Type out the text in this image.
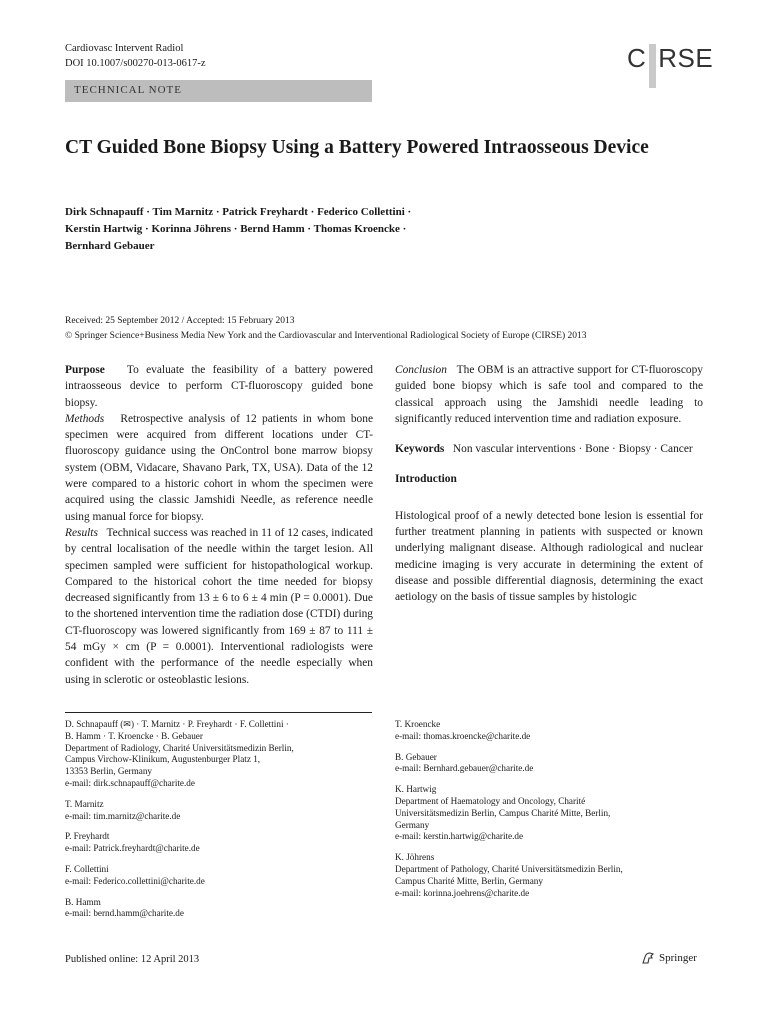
Cardiovasc Intervent Radiol
DOI 10.1007/s00270-013-0617-z	C RSE
TECHNICAL NOTE
CT Guided Bone Biopsy Using a Battery Powered Intraosseous Device
Dirk Schnapauff · Tim Marnitz · Patrick Freyhardt · Federico Collettini ·
Kerstin Hartwig · Korinna Jöhrens · Bernd Hamm · Thomas Kroencke ·
Bernhard Gebauer
Received: 25 September 2012 / Accepted: 15 February 2013
© Springer Science+Business Media New York and the Cardiovascular and Interventional Radiological Society of Europe (CIRSE) 2013

Purpose To evaluate the feasibility of a battery powered intraosseous device to perform CT-fluoroscopy guided bone biopsy.

Methods Retrospective analysis of 12 patients in whom bone specimen were acquired from different locations under CT-fluoroscopy guidance using the OnControl bone marrow biopsy system (OBM, Vidacare, Shavano Park, TX, USA). Data of the 12 were compared to a historic cohort in whom the specimen were acquired using the classic Jamshidi Needle, as reference needle using manual force for biopsy.

Results Technical success was reached in 11 of 12 cases, indicated by central localisation of the needle within the target lesion. All specimen sampled were sufficient for histopathological workup. Compared to the historical cohort the time needed for biopsy decreased significantly from 13 ± 6 to 6 ± 4 min (P = 0.0001). Due to the shortened intervention time the radiation dose (CTDI) during CT-fluoroscopy was lowered significantly from 169 ± 87 to 111 ± 54 mGy × cm (P = 0.0001). Interventional radiologists were confident with the performance of the needle especially when using in sclerotic or osteoblastic lesions.

Conclusion The OBM is an attractive support for CT-fluoroscopy guided bone biopsy which is safe tool and compared to the classical approach using the Jamshidi needle leading to significantly reduced intervention time and radiation exposure.

Keywords Non vascular interventions · Bone · Biopsy · Cancer

Introduction

Histological proof of a newly detected bone lesion is essential for further treatment planning in patients with suspected or known underlying malignant disease. Although radiological and nuclear medicine imaging is very accurate in determining the extent of disease and possible differential diagnosis, determining the exact aetiology on the basis of tissue samples by histologic

D. Schnapauff (✉) · T. Marnitz · P. Freyhardt · F. Collettini ·

B. Hamm · T. Kroencke · B. Gebauer

Department of Radiology, Charité Universitätsmedizin Berlin,

Campus Virchow-Klinikum, Augustenburger Platz 1,

13353 Berlin, Germany

e-mail: dirk.schnapauff@charite.de

T. Marnitz

e-mail: tim.marnitz@charite.de

P. Freyhardt

e-mail: Patrick.freyhardt@charite.de

F. Collettini

e-mail: Federico.collettini@charite.de

B. Hamm

e-mail: bernd.hamm@charite.de

T. Kroencke

e-mail: thomas.kroencke@charite.de

B. Gebauer

e-mail: Bernhard.gebauer@charite.de

K. Hartwig

Department of Haematology and Oncology, Charité

Universitätsmedizin Berlin, Campus Charité Mitte, Berlin,

Germany

e-mail: kerstin.hartwig@charite.de

K. Jöhrens

Department of Pathology, Charité Universitätsmedizin Berlin,

Campus Charité Mitte, Berlin, Germany

e-mail: korinna.joehrens@charite.de

Published online: 12 April 2013	Springer
